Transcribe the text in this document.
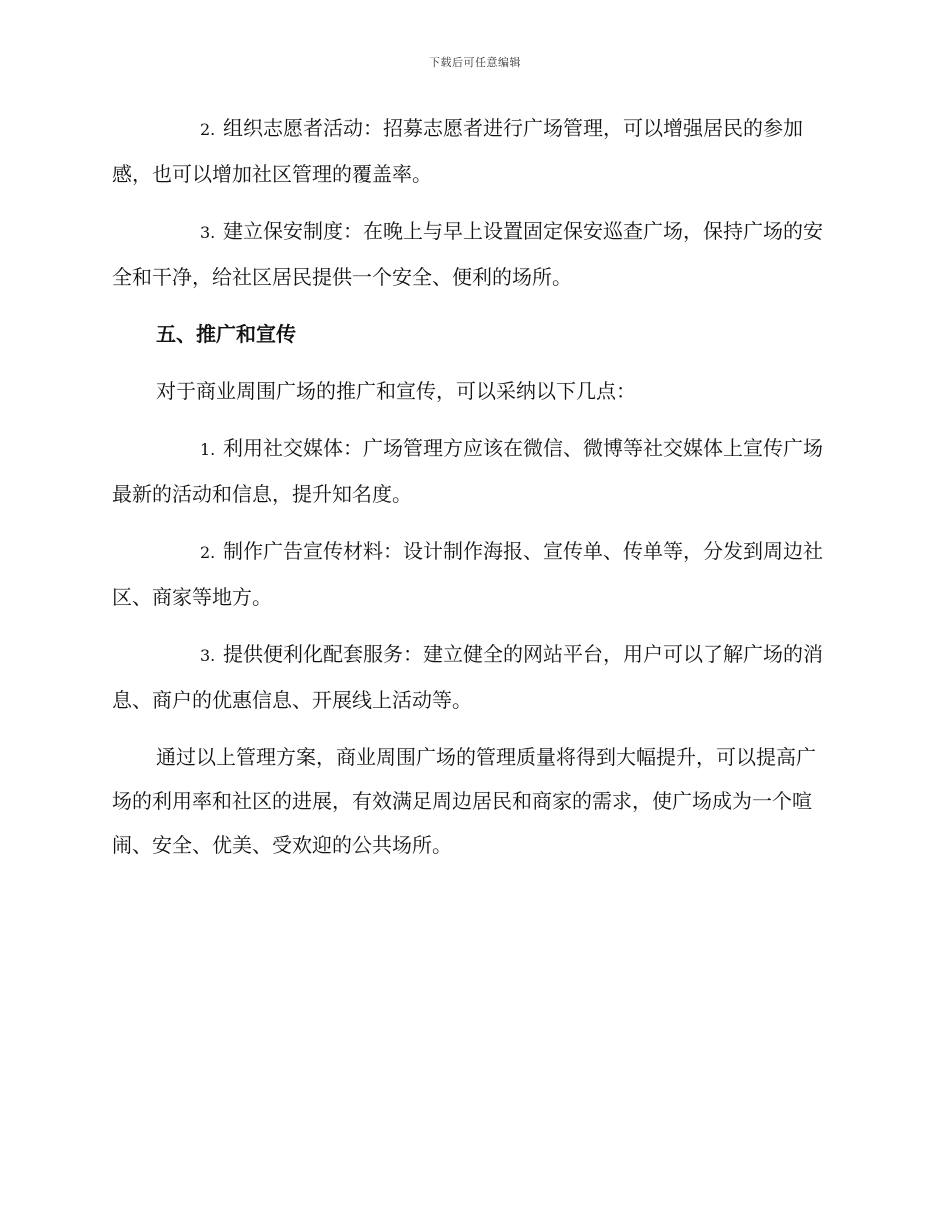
下载后可任意编辑

2. 组织志愿者活动：招募志愿者进行广场管理，可以增强居民的参加感，也可以增加社区管理的覆盖率。

3. 建立保安制度：在晚上与早上设置固定保安巡查广场，保持广场的安全和干净，给社区居民提供一个安全、便利的场所。

五、推广和宣传

对于商业周围广场的推广和宣传，可以采纳以下几点：

1. 利用社交媒体：广场管理方应该在微信、微博等社交媒体上宣传广场最新的活动和信息，提升知名度。

2. 制作广告宣传材料：设计制作海报、宣传单、传单等，分发到周边社区、商家等地方。

3. 提供便利化配套服务：建立健全的网站平台，用户可以了解广场的消息、商户的优惠信息、开展线上活动等。

通过以上管理方案，商业周围广场的管理质量将得到大幅提升，可以提高广场的利用率和社区的进展，有效满足周边居民和商家的需求，使广场成为一个喧闹、安全、优美、受欢迎的公共场所。
